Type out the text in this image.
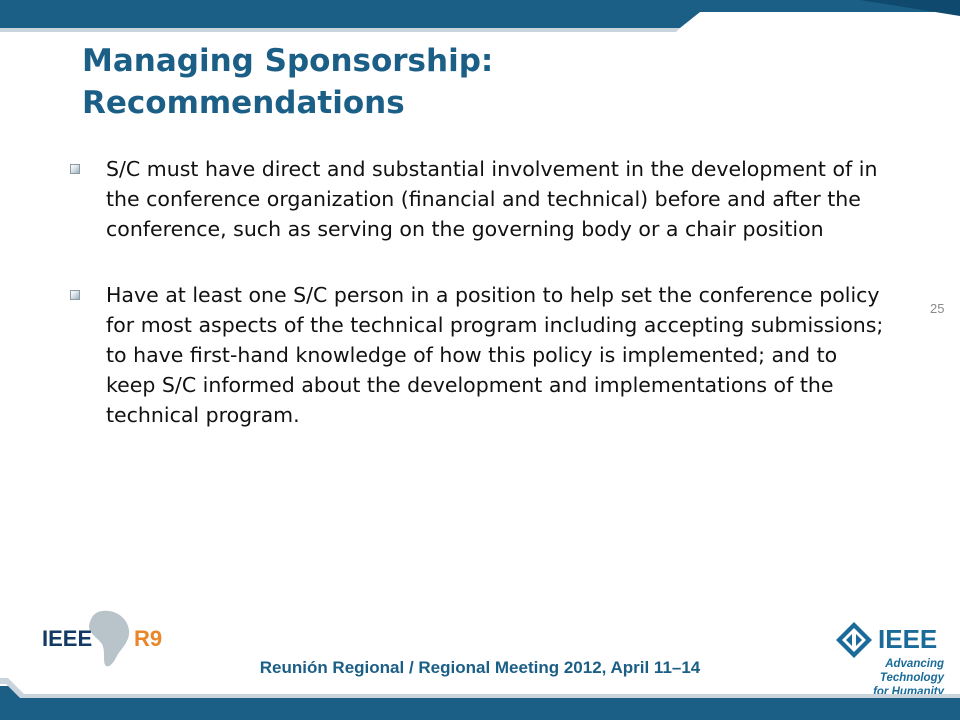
Managing Sponsorship:
Recommendations
25
S/C must have direct and substantial involvement in the development of in the conference organization (financial and technical) before and after the conference, such as serving on the governing body or a chair position
Have at least one S/C person in a position to help set the conference policy for most aspects of the technical program including accepting submissions; to have first-hand knowledge of how this policy is implemented; and to keep S/C informed about the development and implementations of the technical program.
IEEE R9
Reunión Regional / Regional Meeting 2012, April 11–14
IEEE
Advancing Technology
for Humanity
